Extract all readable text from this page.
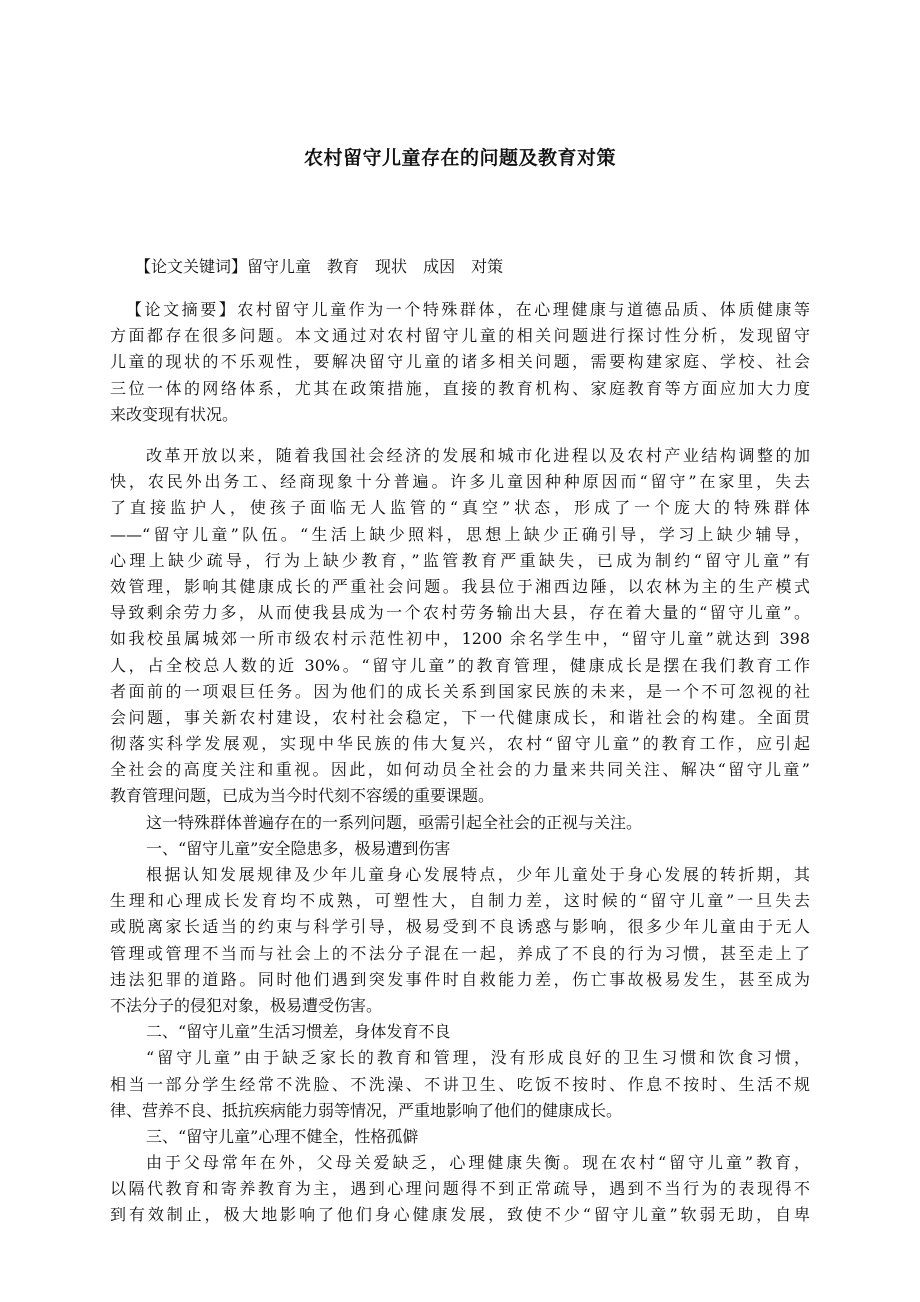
农村留守儿童存在的问题及教育对策
【论文关键词】留守儿童 教育 现状 成因 对策
【论文摘要】农村留守儿童作为一个特殊群体，在心理健康与道德品质、体质健康等
方面都存在很多问题。本文通过对农村留守儿童的相关问题进行探讨性分析，发现留守
儿童的现状的不乐观性，要解决留守儿童的诸多相关问题，需要构建家庭、学校、社会
三位一体的网络体系，尤其在政策措施，直接的教育机构、家庭教育等方面应加大力度
来改变现有状况。
改革开放以来，随着我国社会经济的发展和城市化进程以及农村产业结构调整的加
快，农民外出务工、经商现象十分普遍。许多儿童因种种原因而“留守”在家里，失去
了直接监护人，使孩子面临无人监管的“真空”状态，形成了一个庞大的特殊群体
——“留守儿童”队伍。“生活上缺少照料，思想上缺少正确引导，学习上缺少辅导，
心理上缺少疏导，行为上缺少教育，”监管教育严重缺失，已成为制约“留守儿童”有
效管理，影响其健康成长的严重社会问题。我县位于湘西边陲，以农林为主的生产模式
导致剩余劳力多，从而使我县成为一个农村劳务输出大县，存在着大量的“留守儿童”。
如我校虽属城郊一所市级农村示范性初中，1200 余名学生中，“留守儿童”就达到 398
人，占全校总人数的近 30%。“留守儿童”的教育管理，健康成长是摆在我们教育工作
者面前的一项艰巨任务。因为他们的成长关系到国家民族的未来，是一个不可忽视的社
会问题，事关新农村建设，农村社会稳定，下一代健康成长，和谐社会的构建。全面贯
彻落实科学发展观，实现中华民族的伟大复兴，农村“留守儿童”的教育工作，应引起
全社会的高度关注和重视。因此，如何动员全社会的力量来共同关注、解决“留守儿童”
教育管理问题，已成为当今时代刻不容缓的重要课题。
这一特殊群体普遍存在的一系列问题，亟需引起全社会的正视与关注。
一、“留守儿童”安全隐患多，极易遭到伤害
根据认知发展规律及少年儿童身心发展特点，少年儿童处于身心发展的转折期，其
生理和心理成长发育均不成熟，可塑性大，自制力差，这时候的“留守儿童”一旦失去
或脱离家长适当的约束与科学引导，极易受到不良诱惑与影响，很多少年儿童由于无人
管理或管理不当而与社会上的不法分子混在一起，养成了不良的行为习惯，甚至走上了
违法犯罪的道路。同时他们遇到突发事件时自救能力差，伤亡事故极易发生，甚至成为
不法分子的侵犯对象，极易遭受伤害。
二、“留守儿童”生活习惯差，身体发育不良
“留守儿童”由于缺乏家长的教育和管理，没有形成良好的卫生习惯和饮食习惯，
相当一部分学生经常不洗脸、不洗澡、不讲卫生、吃饭不按时、作息不按时、生活不规
律、营养不良、抵抗疾病能力弱等情况，严重地影响了他们的健康成长。
三、“留守儿童”心理不健全，性格孤僻
由于父母常年在外，父母关爱缺乏，心理健康失衡。现在农村“留守儿童”教育，
以隔代教育和寄养教育为主，遇到心理问题得不到正常疏导，遇到不当行为的表现得不
到有效制止，极大地影响了他们身心健康发展，致使不少“留守儿童”软弱无助，自卑
